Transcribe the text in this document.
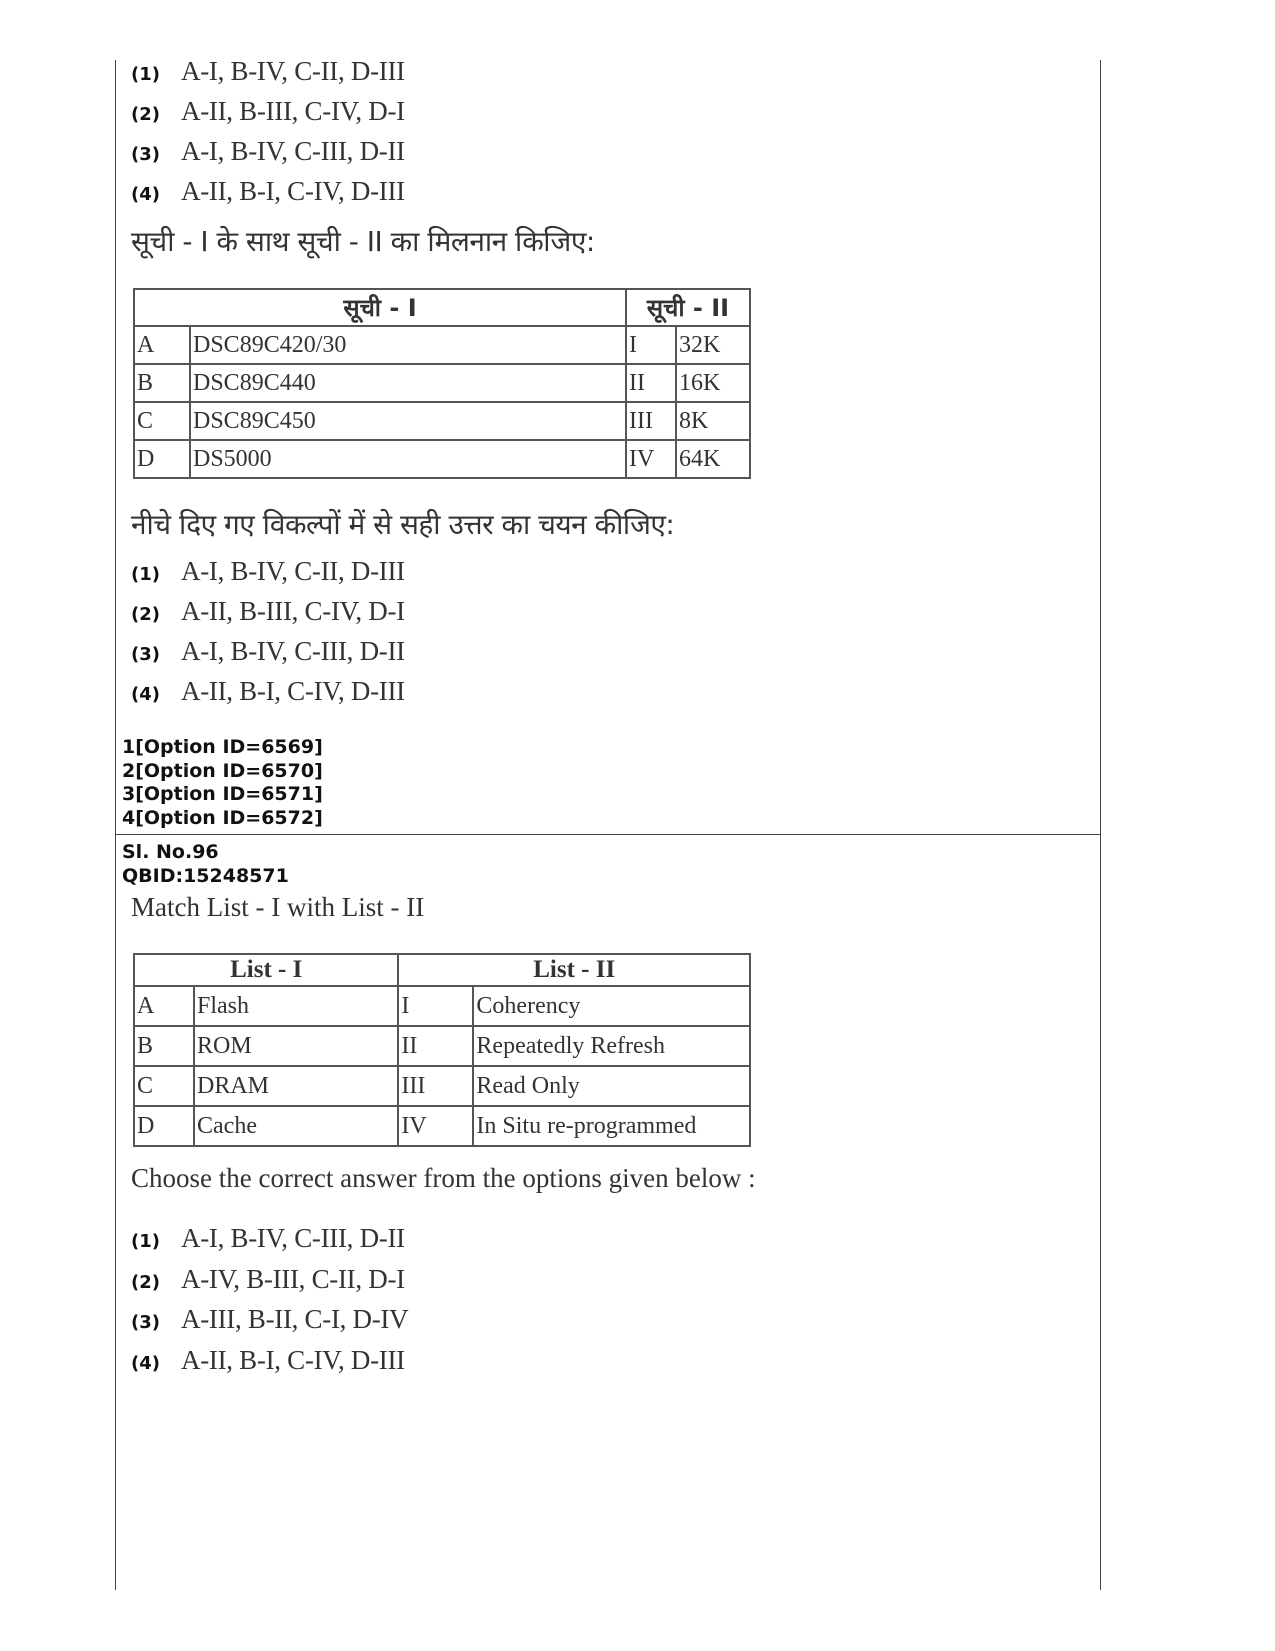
(1) A-I, B-IV, C-II, D-III
(2) A-II, B-III, C-IV, D-I
(3) A-I, B-IV, C-III, D-II
(4) A-II, B-I, C-IV, D-III
सूची - I के साथ सूची - II का मिलनान किजिए:
सूची - I		सूची - II	
A	DSC89C420/30	I	32K
B	DSC89C440	II	16K
C	DSC89C450	III	8K
D	DS5000	IV	64K
नीचे दिए गए विकल्पों में से सही उत्तर का चयन कीजिए:
(1) A-I, B-IV, C-II, D-III
(2) A-II, B-III, C-IV, D-I
(3) A-I, B-IV, C-III, D-II
(4) A-II, B-I, C-IV, D-III
1[Option ID=6569]
2[Option ID=6570]
3[Option ID=6571]
4[Option ID=6572]
Sl. No.96
QBID:15248571
Match List - I with List - II
List - I		List - II	
A	Flash	I	Coherency
B	ROM	II	Repeatedly Refresh
C	DRAM	III	Read Only
D	Cache	IV	In Situ re-programmed
Choose the correct answer from the options given below :
(1) A-I, B-IV, C-III, D-II
(2) A-IV, B-III, C-II, D-I
(3) A-III, B-II, C-I, D-IV
(4) A-II, B-I, C-IV, D-III
